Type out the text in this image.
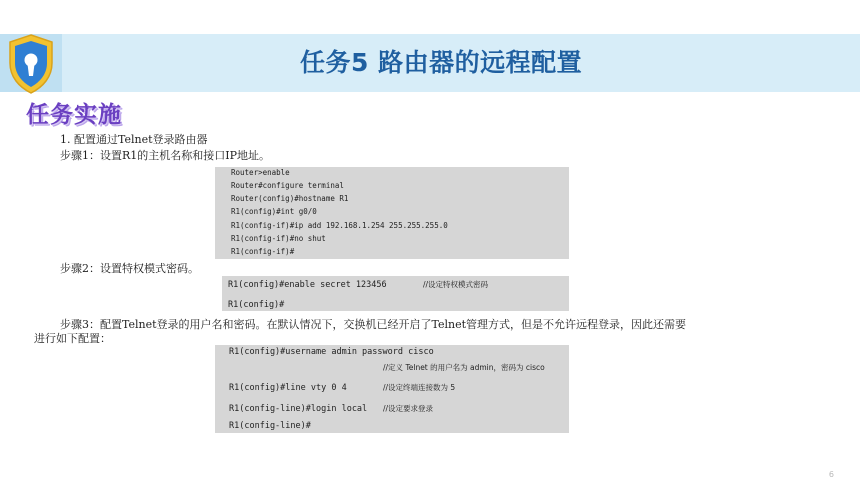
任务5 路由器的远程配置
任务实施
1. 配置通过Telnet登录路由器
步骤1：设置R1的主机名称和接口IP地址。
Router>enable
Router#configure terminal
Router(config)#hostname R1
R1(config)#int g0/0
R1(config-if)#ip add 192.168.1.254 255.255.255.0
R1(config-if)#no shut
R1(config-if)#
步骤2：设置特权模式密码。
R1(config)#enable secret 123456	//设定特权模式密码
R1(config)#
步骤3：配置Telnet登录的用户名和密码。在默认情况下，交换机已经开启了Telnet管理方式，但是不允许远程登录，因此还需要
进行如下配置：
R1(config)#username admin password cisco
//定义 Telnet 的用户名为 admin，密码为 cisco
R1(config)#line vty 0 4	//设定终端连接数为 5
R1(config-line)#login local //设定要求登录
R1(config-line)#
6
